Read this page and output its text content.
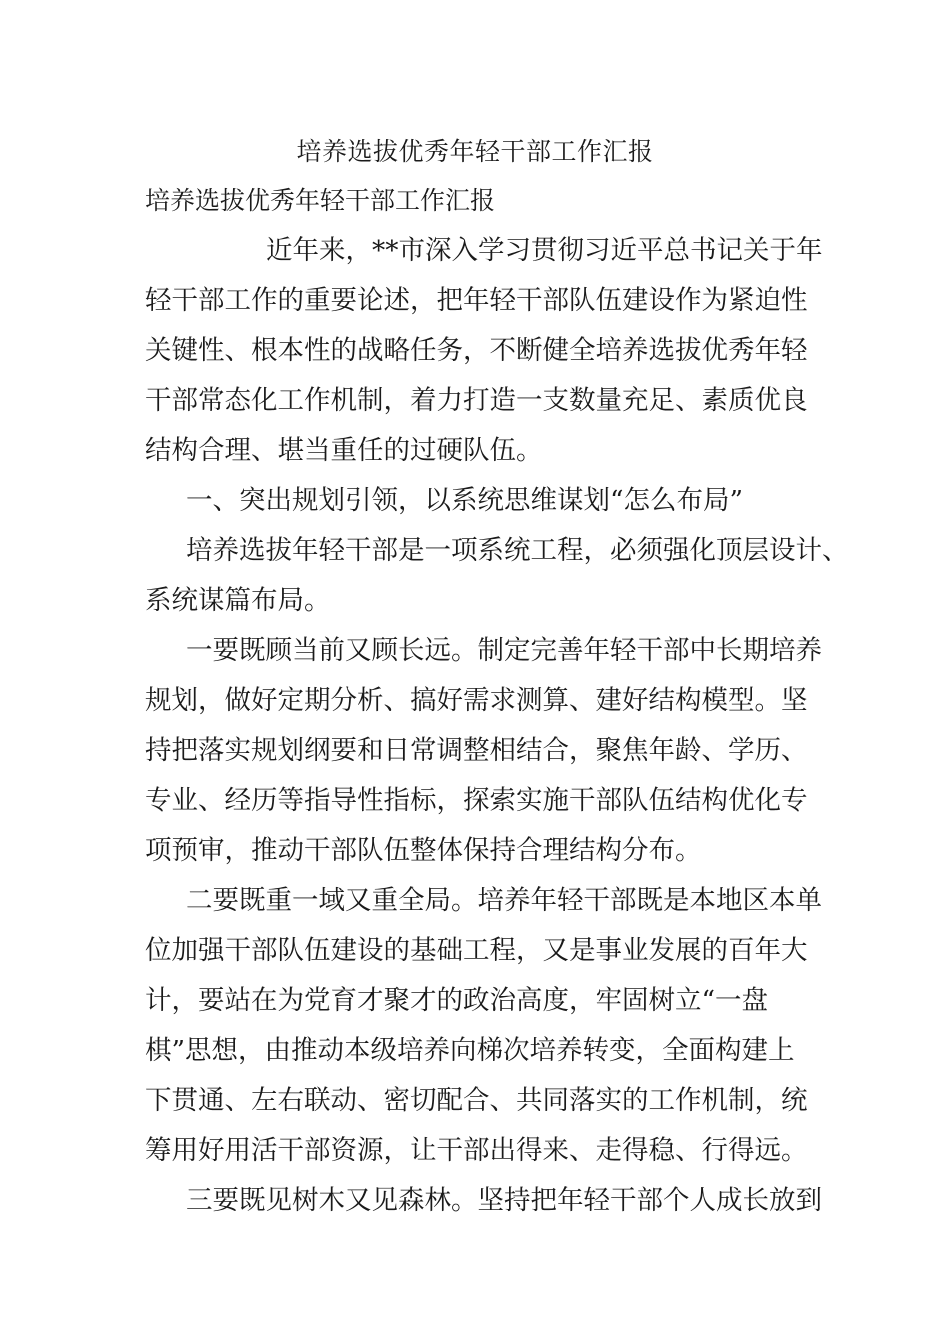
培养选拔优秀年轻干部工作汇报
培养选拔优秀年轻干部工作汇报
近年来，**市深入学习贯彻习近平总书记关于年
轻干部工作的重要论述，把年轻干部队伍建设作为紧迫性
关键性、根本性的战略任务，不断健全培养选拔优秀年轻
干部常态化工作机制，着力打造一支数量充足、素质优良
结构合理、堪当重任的过硬队伍。
一、突出规划引领，以系统思维谋划“怎么布局”
培养选拔年轻干部是一项系统工程，必须强化顶层设计、
系统谋篇布局。
一要既顾当前又顾长远。制定完善年轻干部中长期培养
规划，做好定期分析、搞好需求测算、建好结构模型。坚
持把落实规划纲要和日常调整相结合，聚焦年龄、学历、
专业、经历等指导性指标，探索实施干部队伍结构优化专
项预审，推动干部队伍整体保持合理结构分布。
二要既重一域又重全局。培养年轻干部既是本地区本单
位加强干部队伍建设的基础工程，又是事业发展的百年大
计，要站在为党育才聚才的政治高度，牢固树立“一盘
棋”思想，由推动本级培养向梯次培养转变，全面构建上
下贯通、左右联动、密切配合、共同落实的工作机制，统
筹用好用活干部资源，让干部出得来、走得稳、行得远。
三要既见树木又见森林。坚持把年轻干部个人成长放到
